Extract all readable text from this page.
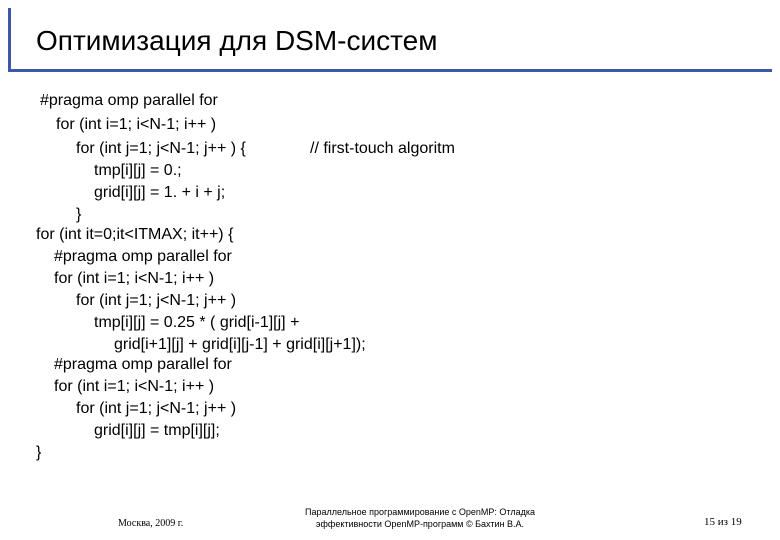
Оптимизация для DSM-систем
#pragma omp parallel for
for (int i=1; i<N-1; i++ )
for (int j=1; j<N-1; j++ ) {	// first-touch algoritm
tmp[i][j] = 0.;
grid[i][j] = 1. + i + j;
}
for (int it=0;it<ITMAX; it++) {
#pragma omp parallel for
for (int i=1; i<N-1; i++ )
for (int j=1; j<N-1; j++ )
tmp[i][j] = 0.25 * ( grid[i-1][j] +
grid[i+1][j] + grid[i][j-1] + grid[i][j+1]);
#pragma omp parallel for
for (int i=1; i<N-1; i++ )
for (int j=1; j<N-1; j++ )
grid[i][j] = tmp[i][j];
}
Москва, 2009 г.
Параллельное программирование с OpenMP: Отладка
эффективности OpenMP-программ © Бахтин В.А.	15 из 19
